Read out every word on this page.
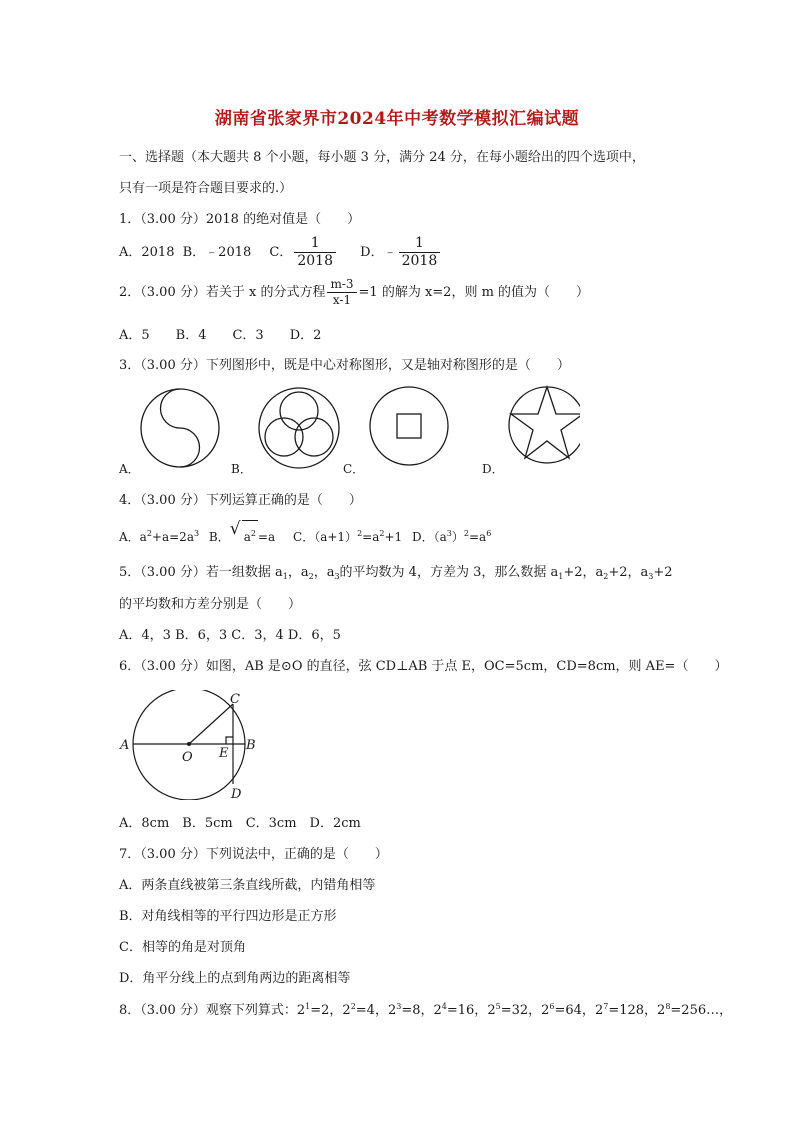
湖南省张家界市2024年中考数学模拟汇编试题
一、选择题（本大题共 8 个小题，每小题 3 分，满分 24 分，在每小题给出的四个选项中，
只有一项是符合题目要求的.）
1．（3.00 分）2018 的绝对值是（　　）
A．2018 B．﹣2018 C． $\frac{1}{2018}$ D．﹣ $\frac{1}{2018}$
2．（3.00 分）若关于 x 的分式方程 $\frac{m-3}{x-1} =1$ 的解为 x=2，则 m 的值为（　　）
A．5　　B．4　　C．3　　D．2
3．（3.00 分）下列图形中，既是中心对称图形，又是轴对称图形的是（　　）
A．	B．	C．	D．
4．（3.00 分）下列运算正确的是（　　）
A．$a^2+a=2a^3$ B． √ $a^2 =a$ C．$(a+1)^2=a^2+1$ D．$(a^3)^2=a^6$
5．（3.00 分）若一组数据 $a_1$，$a_2$，$a_3$的平均数为 4，方差为 3，那么数据 $a_1+2$，$a_2+2$，$a_3+2$
的平均数和方差分别是（　　）
A．4，3 B．6，3 C．3，4 D．6，5
6．（3.00 分）如图，AB 是⊙O 的直径，弦 CD⊥AB 于点 E，OC=5cm，CD=8cm，则 AE=（　　）
A	B
C
D
E
O
A．8cm　B．5cm　C．3cm　D．2cm
7．（3.00 分）下列说法中，正确的是（　　）
A．两条直线被第三条直线所截，内错角相等
B．对角线相等的平行四边形是正方形
C．相等的角是对顶角
D．角平分线上的点到角两边的距离相等
8．（3.00 分）观察下列算式：$2^1=2$，$2^2=4$，$2^3=8$，$2^4=16$，$2^5=32$，$2^6=64$，$2^7=128$，$2^8=256\dots$，
